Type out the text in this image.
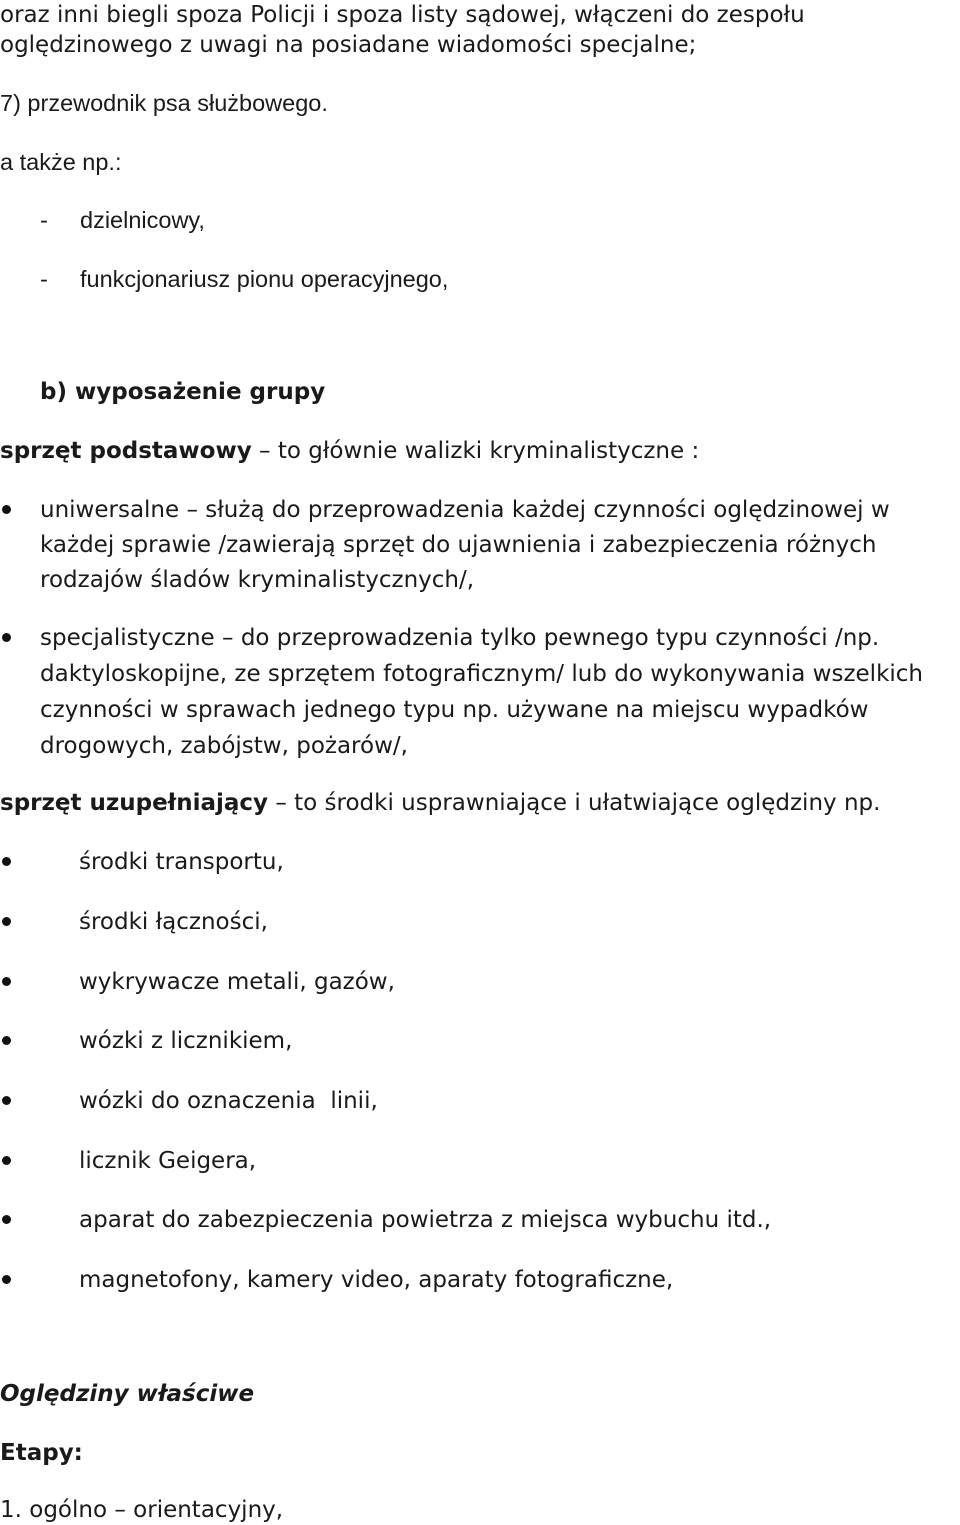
oraz inni biegli spoza Policji i spoza listy sądowej, włączeni do zespołu
oględzinowego z uwagi na posiadane wiadomości specjalne;
7) przewodnik psa służbowego.
a także np.:
- dzielnicowy,
- funkcjonariusz pionu operacyjnego,
b) wyposażenie grupy
sprzęt podstawowy – to głównie walizki kryminalistyczne :
uniwersalne – służą do przeprowadzenia każdej czynności oględzinowej w
każdej sprawie /zawierają sprzęt do ujawnienia i zabezpieczenia różnych
rodzajów śladów kryminalistycznych/,
specjalistyczne – do przeprowadzenia tylko pewnego typu czynności /np.
daktyloskopijne, ze sprzętem fotograficznym/ lub do wykonywania wszelkich
czynności w sprawach jednego typu np. używane na miejscu wypadków
drogowych, zabójstw, pożarów/,
sprzęt uzupełniający – to środki usprawniające i ułatwiające oględziny np.
środki transportu,
środki łączności,
wykrywacze metali, gazów,
wózki z licznikiem,
wózki do oznaczenia  linii,
licznik Geigera,
aparat do zabezpieczenia powietrza z miejsca wybuchu itd.,
magnetofony, kamery video, aparaty fotograficzne,
Oględziny właściwe
Etapy:
1. ogólno – orientacyjny,
